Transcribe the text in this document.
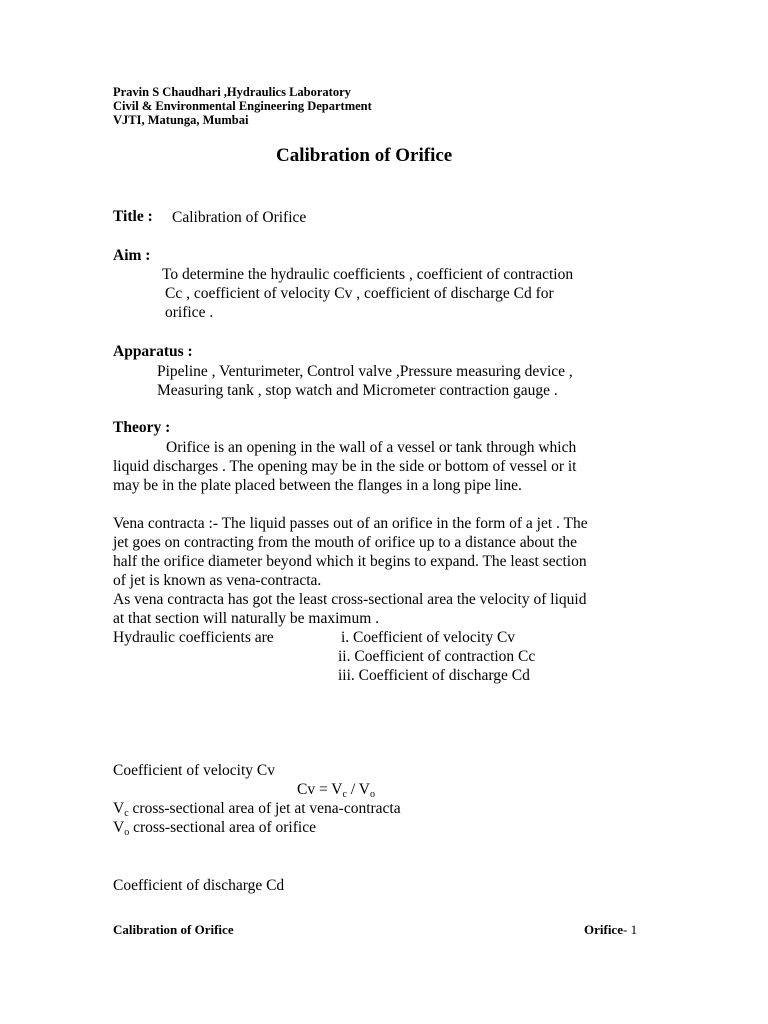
Pravin S Chaudhari ,Hydraulics Laboratory
Civil & Environmental Engineering Department
VJTI, Matunga, Mumbai
Calibration of Orifice
Title : Calibration of Orifice
Aim :
To determine the hydraulic coefficients , coefficient of contraction
Cc , coefficient of velocity Cv , coefficient of discharge Cd for
orifice .
Apparatus :
Pipeline , Venturimeter, Control valve ,Pressure measuring device ,
Measuring tank , stop watch and Micrometer contraction gauge .
Theory :
Orifice is an opening in the wall of a vessel or tank through which
liquid discharges . The opening may be in the side or bottom of vessel or it
may be in the plate placed between the flanges in a long pipe line.
Vena contracta :- The liquid passes out of an orifice in the form of a jet . The
jet goes on contracting from the mouth of orifice up to a distance about the
half the orifice diameter beyond which it begins to expand. The least section
of jet is known as vena-contracta.
As vena contracta has got the least cross-sectional area the velocity of liquid
at that section will naturally be maximum .
Hydraulic coefficients are	i. Coefficient of velocity Cv
ii. Coefficient of contraction Cc
iii. Coefficient of discharge Cd
Coefficient of velocity Cv
$Cv = V_c / V_o$
$V_c$ cross-sectional area of jet at vena-contracta
$V_o$ cross-sectional area of orifice
Coefficient of discharge Cd
Calibration of Orifice	Orifice- 1
